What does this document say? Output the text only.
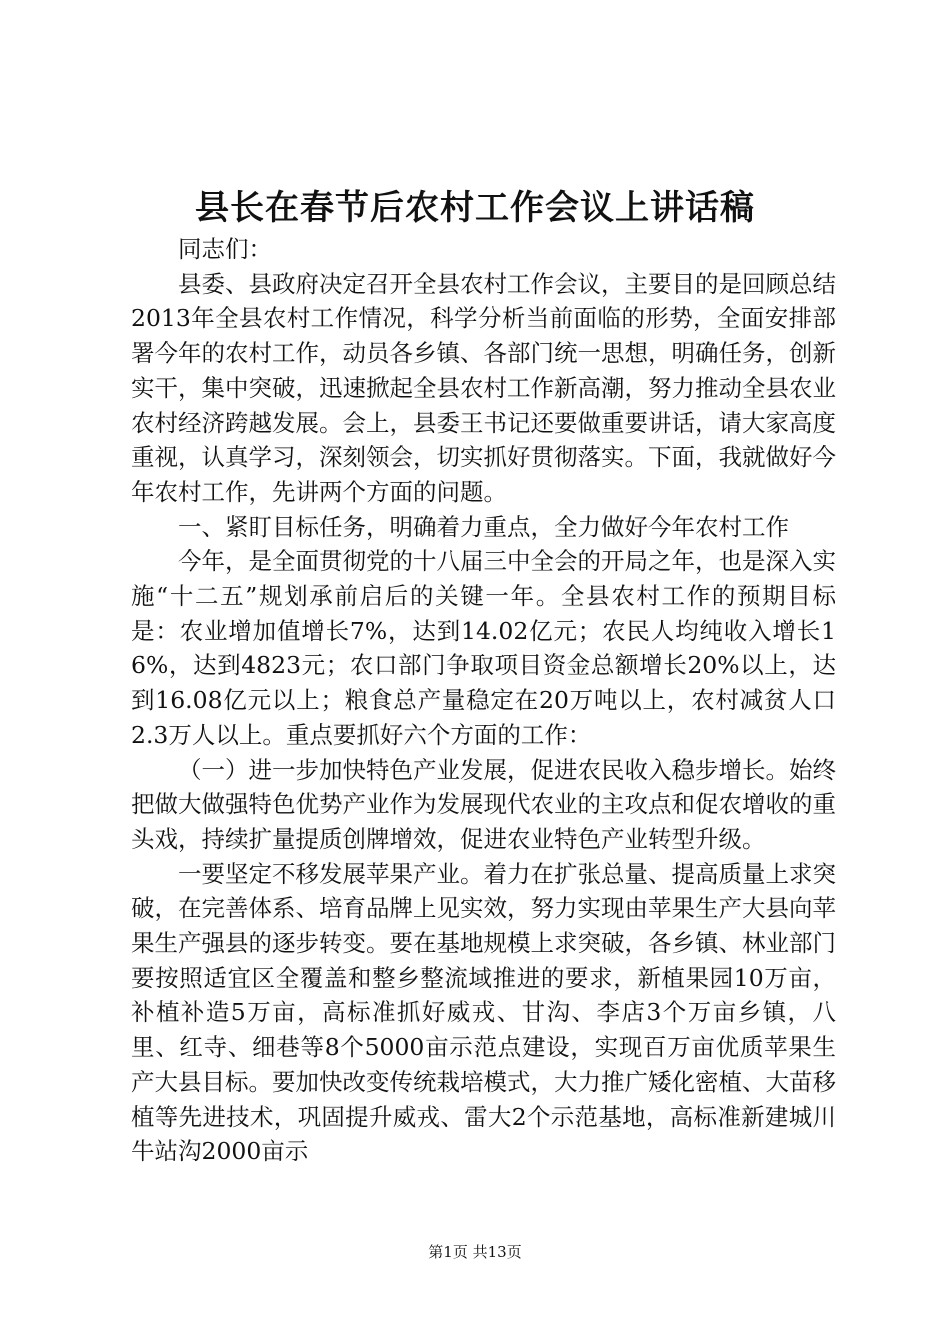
县长在春节后农村工作会议上讲话稿

同志们：

县委、县政府决定召开全县农村工作会议，主要目的是回顾总结2013年全县农村工作情况，科学分析当前面临的形势，全面安排部署今年的农村工作，动员各乡镇、各部门统一思想，明确任务，创新实干，集中突破，迅速掀起全县农村工作新高潮，努力推动全县农业农村经济跨越发展。会上，县委王书记还要做重要讲话，请大家高度重视，认真学习，深刻领会，切实抓好贯彻落实。下面，我就做好今年农村工作，先讲两个方面的问题。

一、紧盯目标任务，明确着力重点，全力做好今年农村工作

今年，是全面贯彻党的十八届三中全会的开局之年，也是深入实施“十二五”规划承前启后的关键一年。全县农村工作的预期目标是：农业增加值增长7%，达到14.02亿元；农民人均纯收入增长16%，达到4823元；农口部门争取项目资金总额增长20%以上，达到16.08亿元以上；粮食总产量稳定在20万吨以上，农村减贫人口2.3万人以上。重点要抓好六个方面的工作：

（一）进一步加快特色产业发展，促进农民收入稳步增长。始终把做大做强特色优势产业作为发展现代农业的主攻点和促农增收的重头戏，持续扩量提质创牌增效，促进农业特色产业转型升级。

一要坚定不移发展苹果产业。着力在扩张总量、提高质量上求突破，在完善体系、培育品牌上见实效，努力实现由苹果生产大县向苹果生产强县的逐步转变。要在基地规模上求突破，各乡镇、林业部门要按照适宜区全覆盖和整乡整流域推进的要求，新植果园10万亩，补植补造5万亩，高标准抓好威戎、甘沟、李店3个万亩乡镇，八里、红寺、细巷等8个5000亩示范点建设，实现百万亩优质苹果生产大县目标。要加快改变传统栽培模式，大力推广矮化密植、大苗移植等先进技术，巩固提升威戎、雷大2个示范基地，高标准新建城川牛站沟2000亩示

第1页 共13页
